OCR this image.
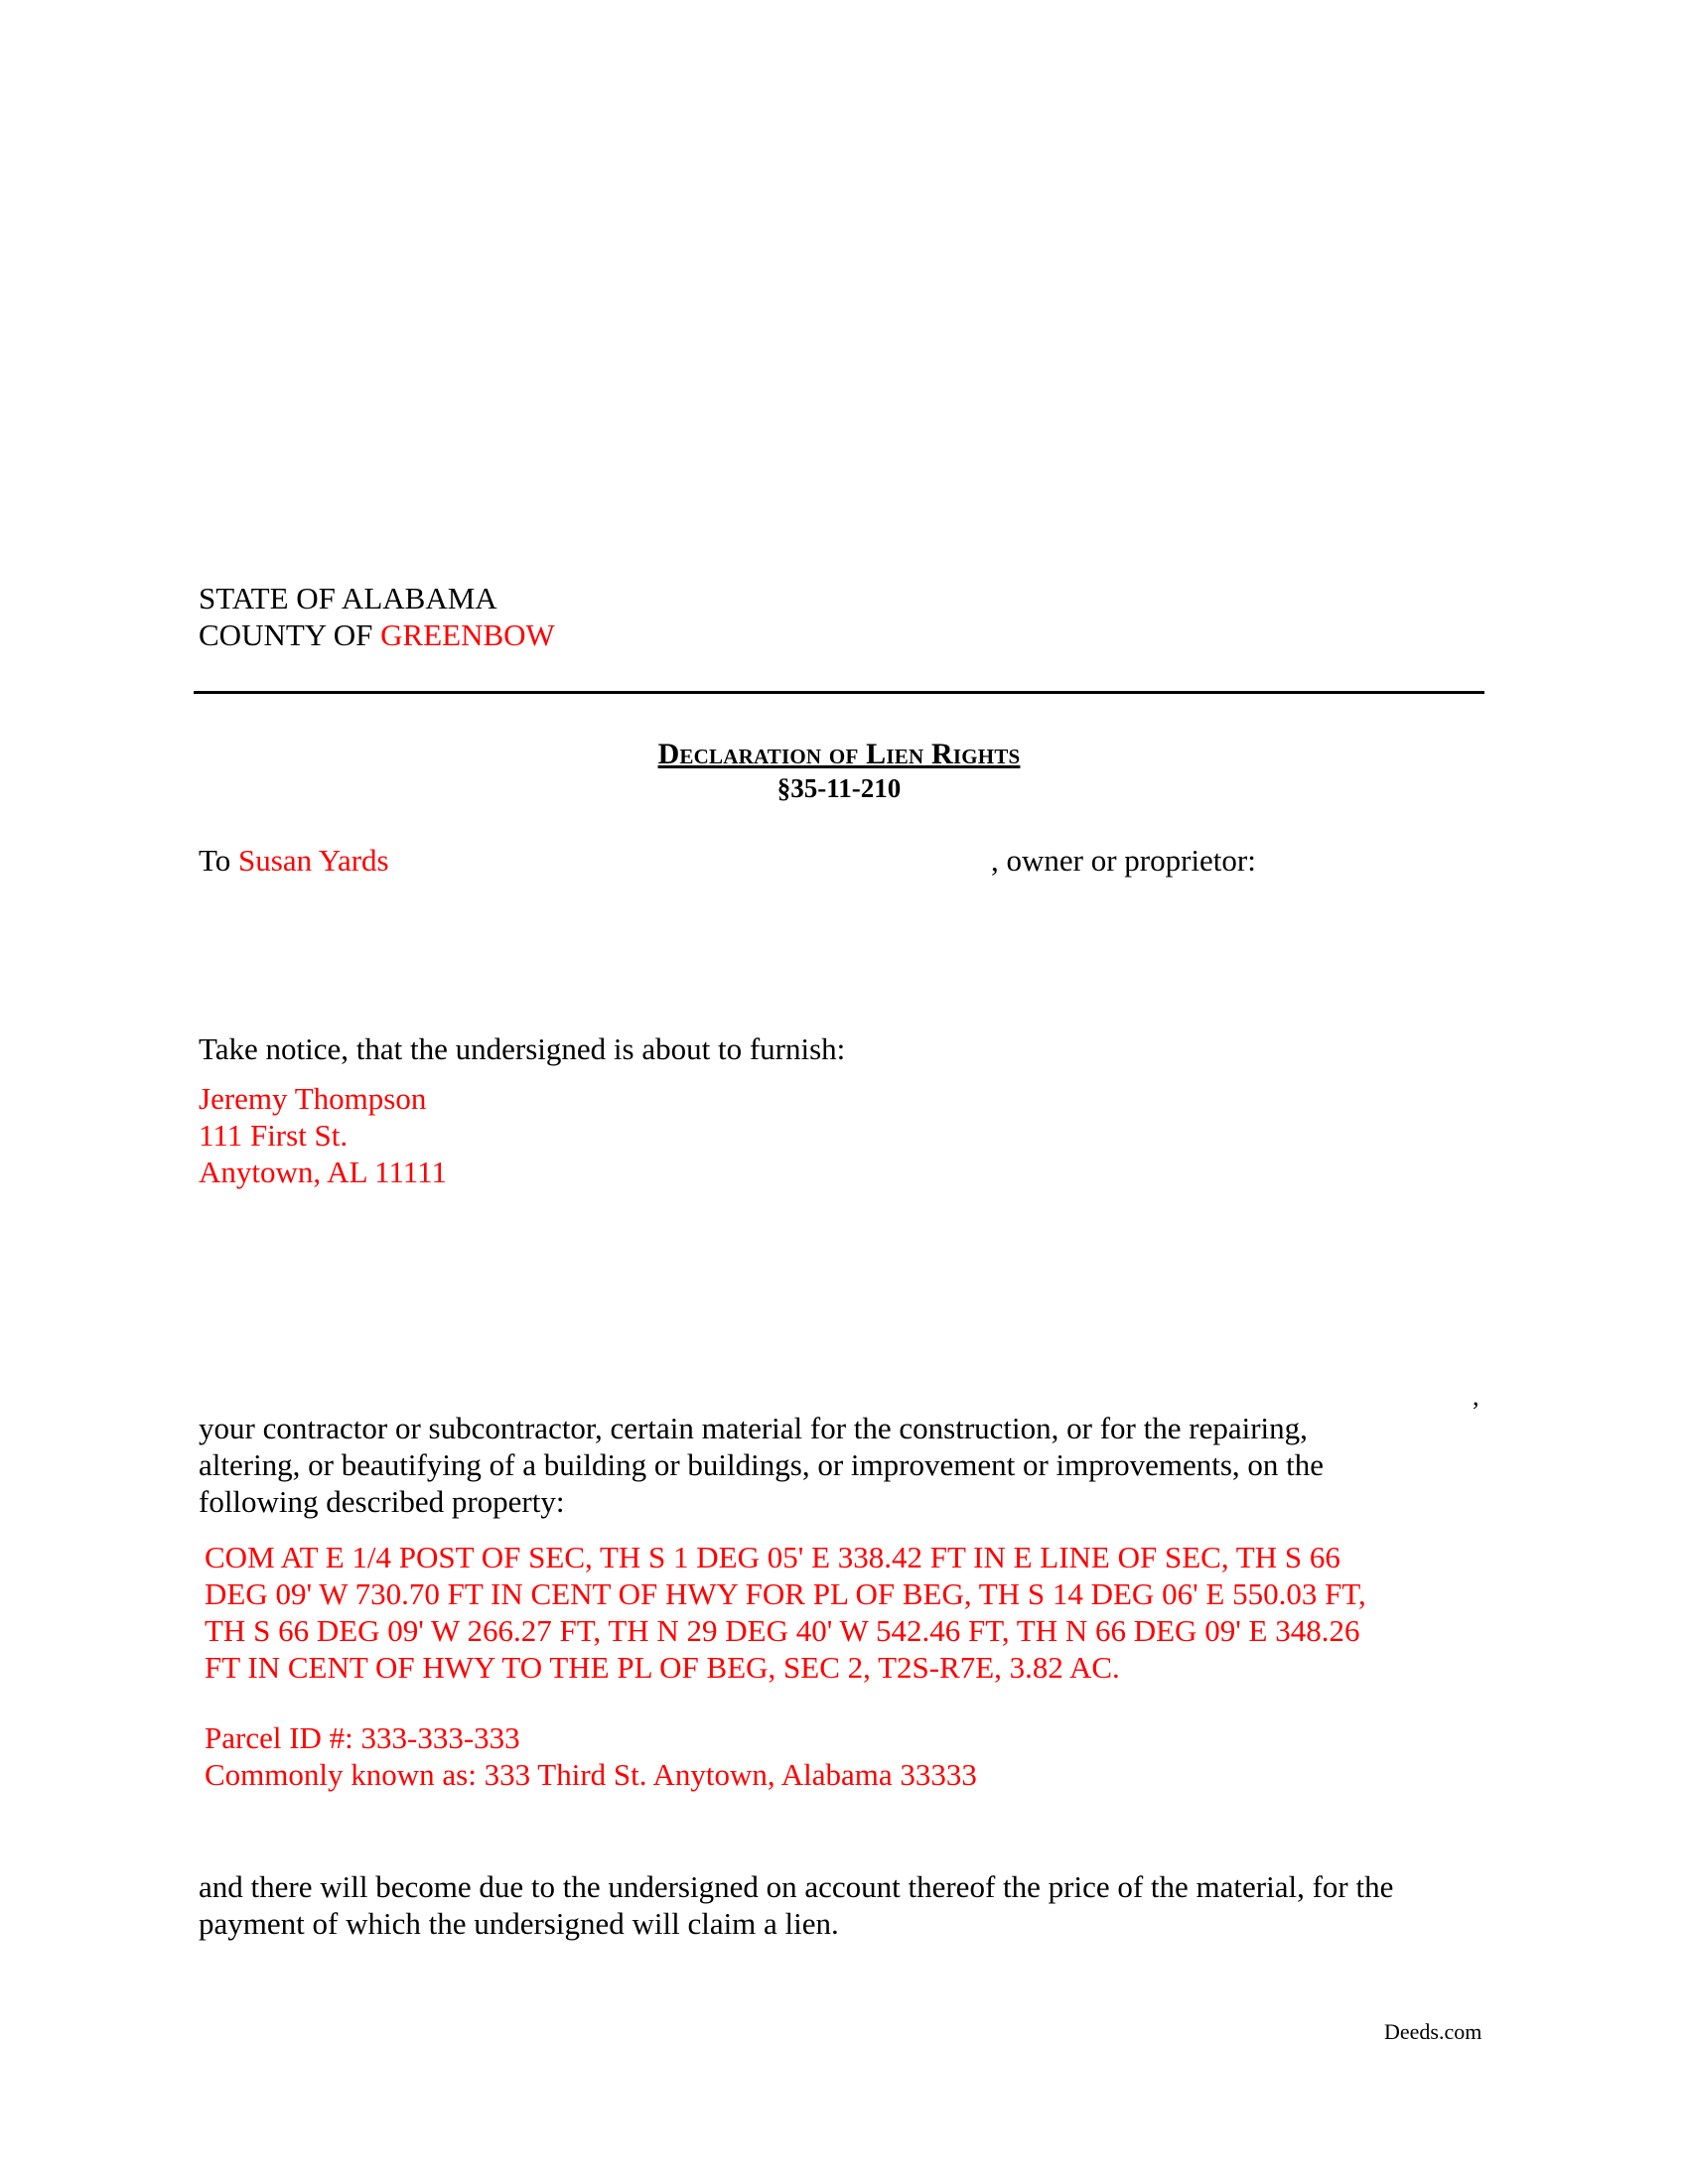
STATE OF ALABAMA
COUNTY OF GREENBOW
Declaration of Lien Rights
§35-11-210
To Susan Yards	, owner or proprietor:
Take notice, that the undersigned is about to furnish:
Jeremy Thompson
111 First St.
Anytown, AL 11111
,
your contractor or subcontractor, certain material for the construction, or for the repairing,
altering, or beautifying of a building or buildings, or improvement or improvements, on the
following described property:
COM AT E 1/4 POST OF SEC, TH S 1 DEG 05' E 338.42 FT IN E LINE OF SEC, TH S 66
DEG 09' W 730.70 FT IN CENT OF HWY FOR PL OF BEG, TH S 14 DEG 06' E 550.03 FT,
TH S 66 DEG 09' W 266.27 FT, TH N 29 DEG 40' W 542.46 FT, TH N 66 DEG 09' E 348.26
FT IN CENT OF HWY TO THE PL OF BEG, SEC 2, T2S-R7E, 3.82 AC.
Parcel ID #: 333-333-333
Commonly known as: 333 Third St. Anytown, Alabama 33333
and there will become due to the undersigned on account thereof the price of the material, for the
payment of which the undersigned will claim a lien.
Deeds.com
